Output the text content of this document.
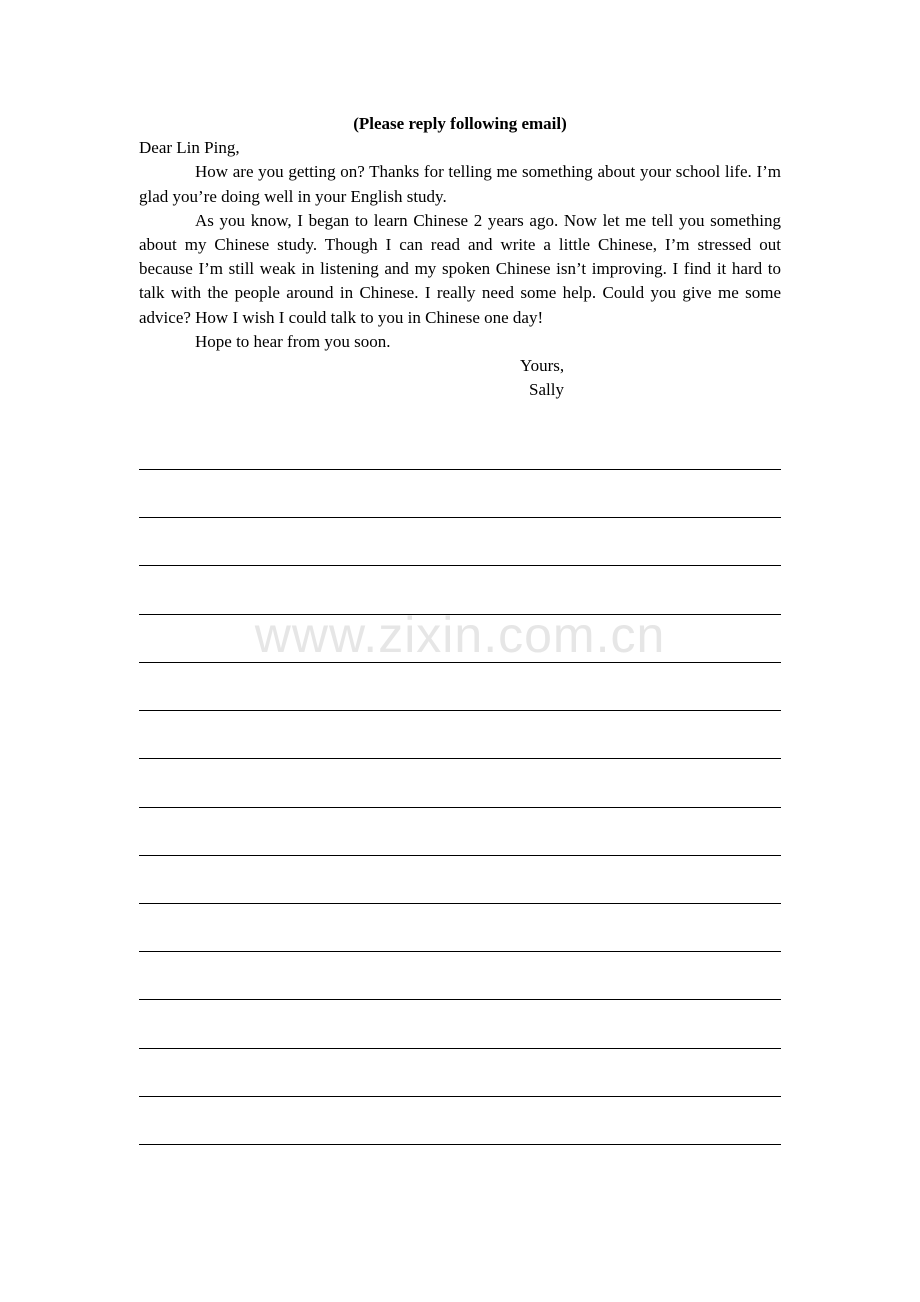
(Please reply following email)

Dear Lin Ping,

How are you getting on? Thanks for telling me something about your school life. I’m glad you’re doing well in your English study.

As you know, I began to learn Chinese 2 years ago. Now let me tell you something about my Chinese study. Though I can read and write a little Chinese, I’m stressed out because I’m still weak in listening and my spoken Chinese isn’t improving. I find it hard to talk with the people around in Chinese. I really need some help. Could you give me some advice? How I wish I could talk to you in Chinese one day!

Hope to hear from you soon.

Yours,

Sally

www.zixin.com.cn
